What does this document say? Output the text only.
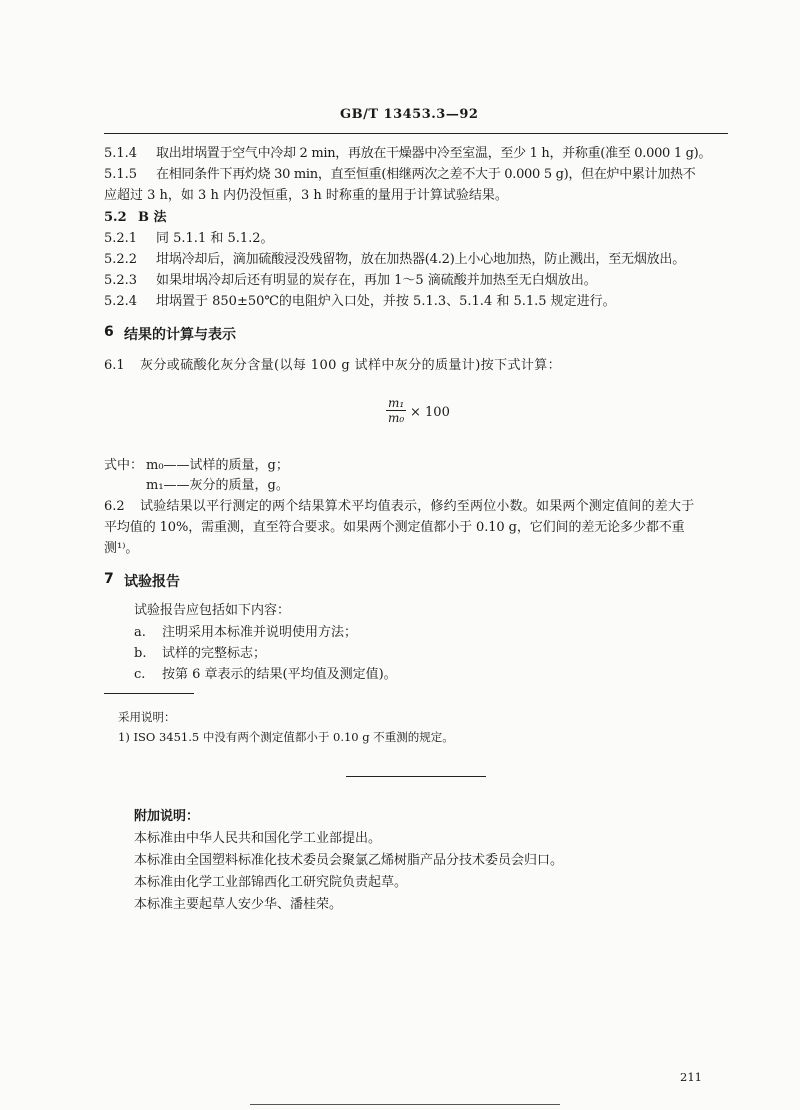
GB/T 13453.3—92
5.1.4 取出坩埚置于空气中冷却 2 min，再放在干燥器中冷至室温，至少 1 h，并称重(准至 0.000 1 g)。
5.1.5 在相同条件下再灼烧 30 min，直至恒重(相继两次之差不大于 0.000 5 g)，但在炉中累计加热不
应超过 3 h，如 3 h 内仍没恒重，3 h 时称重的量用于计算试验结果。
5.2 B 法
5.2.1 同 5.1.1 和 5.1.2。
5.2.2 坩埚冷却后，滴加硫酸浸没残留物，放在加热器(4.2)上小心地加热，防止溅出，至无烟放出。
5.2.3 如果坩埚冷却后还有明显的炭存在，再加 1～5 滴硫酸并加热至无白烟放出。
5.2.4 坩埚置于 850±50℃的电阻炉入口处，并按 5.1.3、5.1.4 和 5.1.5 规定进行。
6 结果的计算与表示
6.1 灰分或硫酸化灰分含量(以每 100 g 试样中灰分的质量计)按下式计算：
$\frac{\text{m₁}}{\text{m₀}} \times 100$
式中： m₀——试样的质量，g；
m₁——灰分的质量，g。
6.2 试验结果以平行测定的两个结果算术平均值表示，修约至两位小数。如果两个测定值间的差大于
平均值的 10%，需重测，直至符合要求。如果两个测定值都小于 0.10 g，它们间的差无论多少都不重
测¹⁾。
7 试验报告
试验报告应包括如下内容：
a. 注明采用本标准并说明使用方法；
b. 试样的完整标志；
c. 按第 6 章表示的结果(平均值及测定值)。
采用说明：
1) ISO 3451.5 中没有两个测定值都小于 0.10 g 不重测的规定。
附加说明：
本标准由中华人民共和国化学工业部提出。
本标准由全国塑料标准化技术委员会聚氯乙烯树脂产品分技术委员会归口。
本标准由化学工业部锦西化工研究院负责起草。
本标准主要起草人安少华、潘桂荣。
211
